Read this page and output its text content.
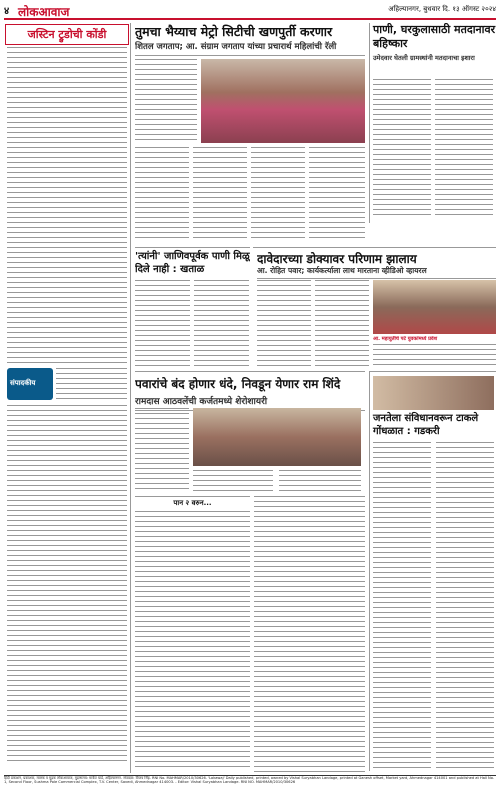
४ लोकआवाज	अहिल्यानगर, बुधवार दि. १३ ऑगस्ट २०२४
जस्टिन ट्रुडोची कोंडी
संपादकीय
तुमचा भैय्याच मेट्रो सिटीची खणपुर्ती करणार
शितल जगताप; आ. संग्राम जगताप यांच्या प्रचारार्थ महिलांची रॅली
पाणी, घरकुलासाठी मतदानावर बहिष्कार
उमेदवार घेतली ग्रामस्थांनी मतदानाचा इशारा
'त्यांनी' जाणिवपूर्वक पाणी मिळू दिले नाही : खताळ
दावेदारच्या डोक्यावर परिणाम झालाय
आ. रोहित पवार; कार्यकर्त्याला लाथ मारताना व्हीडिओ व्हायरल
आ. महायुतीचे पर्ट युवकांमध्ये प्रवेश
पवारांचे बंद होणार धंदे, निवडून येणार राम शिंदे
रामदास आठवलेंची कर्जतमध्ये शेरोशायरी
जनतेला संविधानवरून टाकले गोंधळात : गडकरी
पान २ वरुन...
हिंदी प्रकाशन, प्रकाशक, मालक व मुद्रक लोकआवाज, मुद्रणालय: मार्केट यार्ड, अहिल्यानगर. संपादक: विजय सिंह. RNI No. MAHMAR/2010/30626. 'Lokawaj' Daily published, printed, owned by Vishal Suryabhan Landage, printed at Ganesh offset, Market yard, Ahmednagar 414001 and published at Hall No. 1, Second Floor, Sushma Pole Commercial Complex, T.V. Center, Savedi, Ahmednagar 414003. - Editor: Vishal Suryabhan Landage. RNI NO. MAHMAR/2010/30626
